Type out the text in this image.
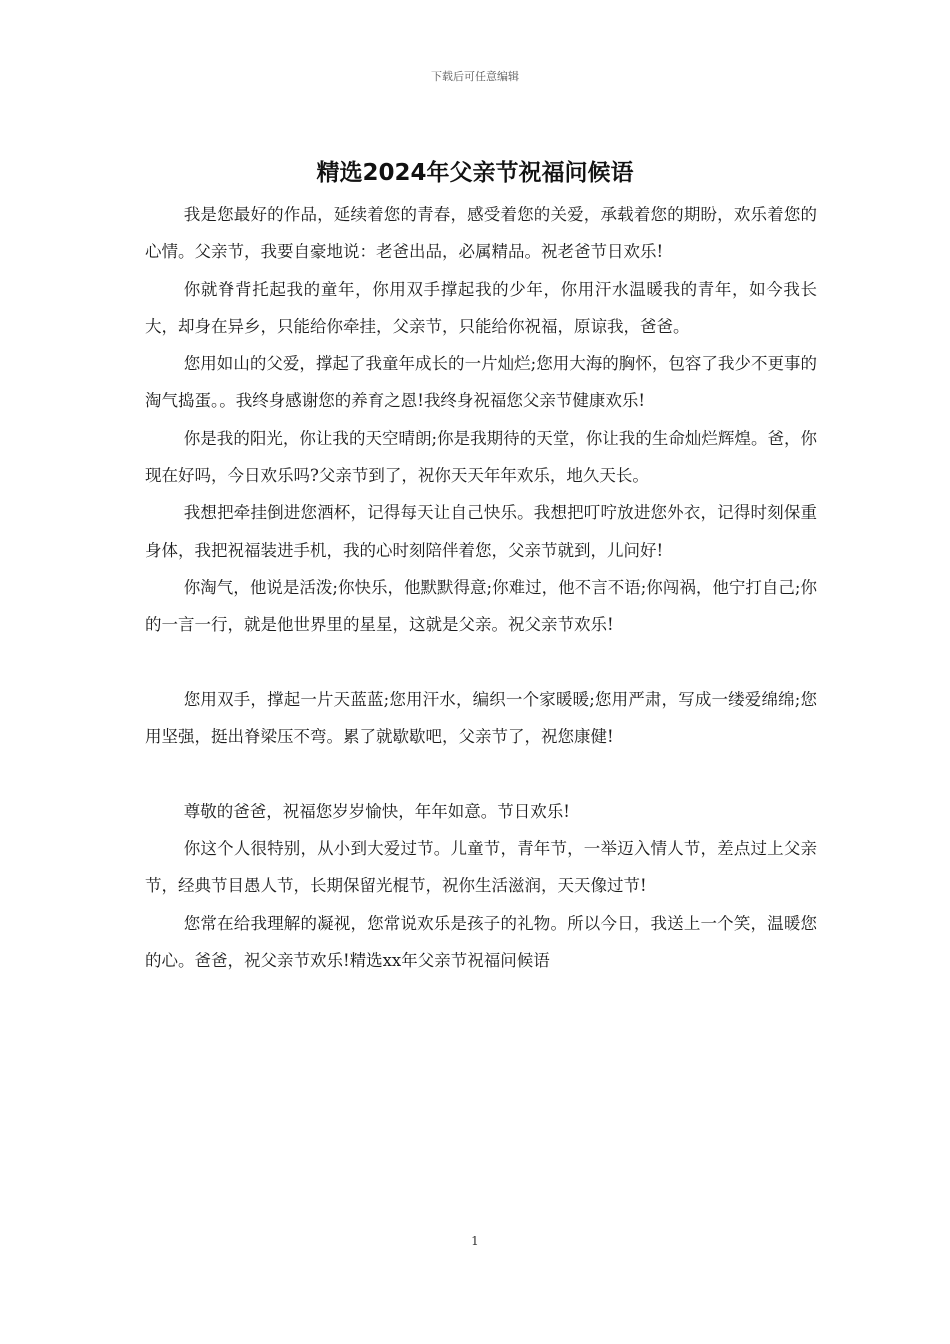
下载后可任意编辑
精选2024年父亲节祝福问候语

我是您最好的作品，延续着您的青春，感受着您的关爱，承载着您的期盼，欢乐着您的心情。父亲节，我要自豪地说：老爸出品，必属精品。祝老爸节日欢乐!

你就脊背托起我的童年，你用双手撑起我的少年，你用汗水温暖我的青年，如今我长大，却身在异乡，只能给你牵挂，父亲节，只能给你祝福，原谅我，爸爸。

您用如山的父爱，撑起了我童年成长的一片灿烂;您用大海的胸怀，包容了我少不更事的淘气捣蛋。。我终身感谢您的养育之恩!我终身祝福您父亲节健康欢乐!

你是我的阳光，你让我的天空晴朗;你是我期待的天堂，你让我的生命灿烂辉煌。爸，你现在好吗，今日欢乐吗?父亲节到了，祝你天天年年欢乐，地久天长。

我想把牵挂倒进您酒杯，记得每天让自己快乐。我想把叮咛放进您外衣，记得时刻保重身体，我把祝福装进手机，我的心时刻陪伴着您，父亲节就到，儿问好!

你淘气，他说是活泼;你快乐，他默默得意;你难过，他不言不语;你闯祸，他宁打自己;你的一言一行，就是他世界里的星星，这就是父亲。祝父亲节欢乐!

您用双手，撑起一片天蓝蓝;您用汗水，编织一个家暖暖;您用严肃，写成一缕爱绵绵;您用坚强，挺出脊梁压不弯。累了就歇歇吧，父亲节了，祝您康健!

尊敬的爸爸，祝福您岁岁愉快，年年如意。节日欢乐!

你这个人很特别，从小到大爱过节。儿童节，青年节，一举迈入情人节，差点过上父亲节，经典节目愚人节，长期保留光棍节，祝你生活滋润，天天像过节!

您常在给我理解的凝视，您常说欢乐是孩子的礼物。所以今日，我送上一个笑，温暖您的心。爸爸，祝父亲节欢乐!精选xx年父亲节祝福问候语

1
